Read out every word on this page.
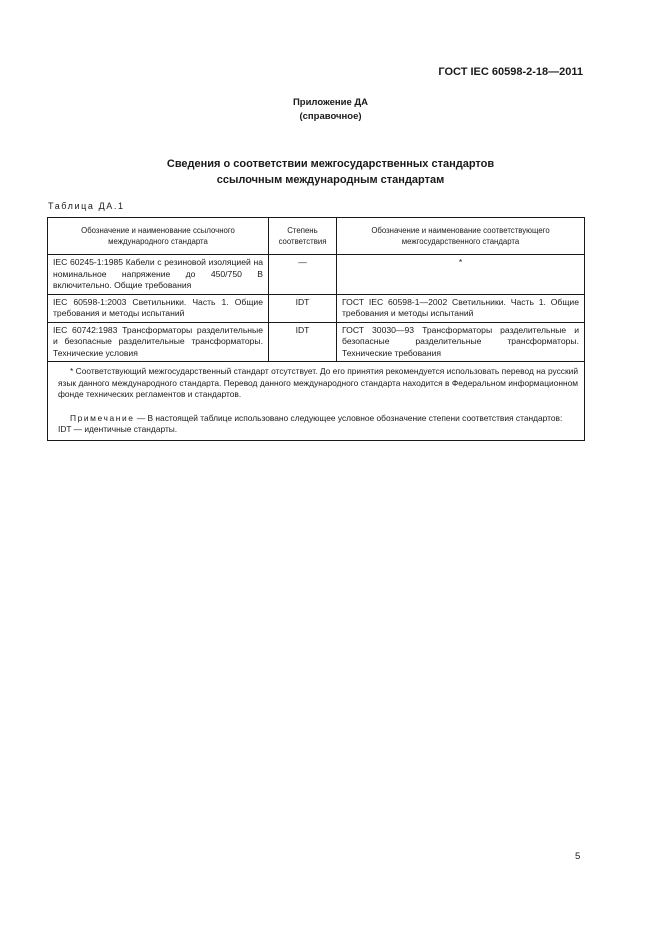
ГОСТ IEC 60598-2-18—2011
Приложение ДА
(справочное)
Сведения о соответствии межгосударственных стандартов
ссылочным международным стандартам
Таблица ДА.1
Обозначение и наименование ссылочного международного стандарта	Степень соответствия	Обозначение и наименование соответствующего межгосударственного стандарта
IEC 60245-1:1985 Кабели с резиновой изоляцией на номинальное напряжение до 450/750 В включительно. Общие требования	—	*
IEC 60598-1:2003 Светильники. Часть 1. Общие требования и методы испытаний	IDT	ГОСТ IEC 60598-1—2002 Светильники. Часть 1. Общие требования и методы испытаний
IEC 60742:1983 Трансформаторы разделительные и безопасные разделительные трансформаторы. Технические условия	IDT	ГОСТ 30030—93 Трансформаторы разделительные и безопасные разделительные трансформаторы. Технические требования

* Соответствующий межгосударственный стандарт отсутствует. До его принятия рекомендуется использовать перевод на русский язык данного международного стандарта. Перевод данного международного стандарта находится в Федеральном информационном фонде технических регламентов и стандартов.

Примечание — В настоящей таблице использовано следующее условное обозначение степени соответствия стандартов:

IDT — идентичные стандарты.		

5
